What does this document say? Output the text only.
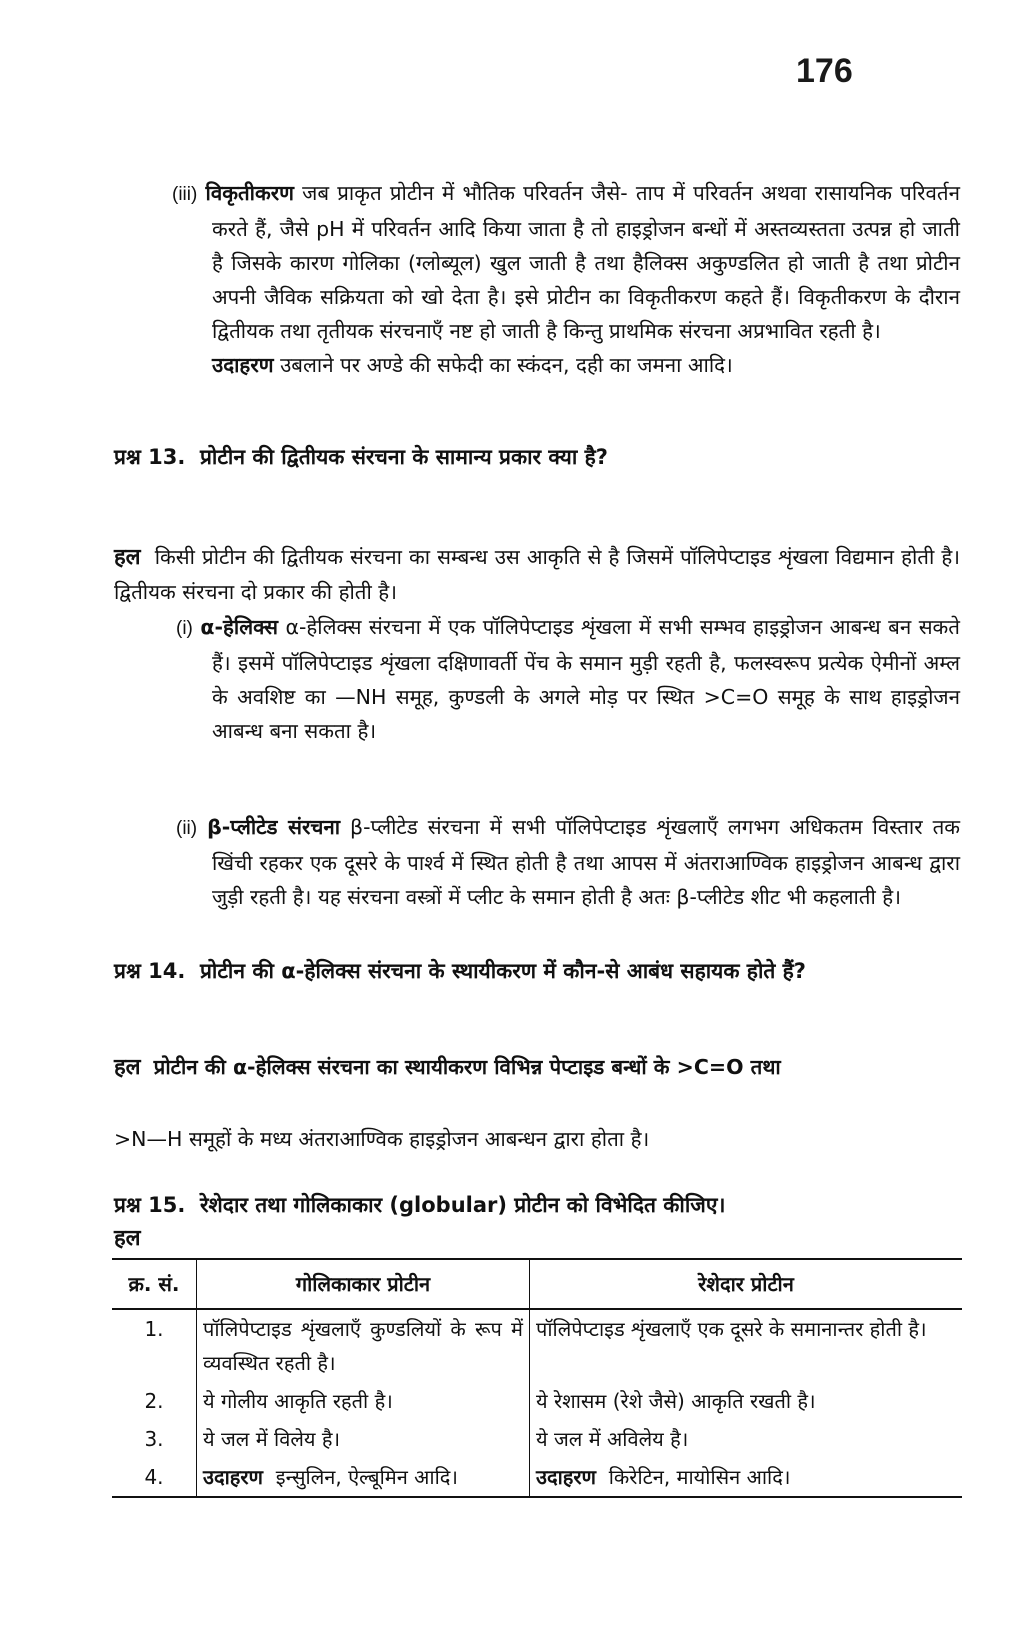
176
(iii) विकृतीकरण जब प्राकृत प्रोटीन में भौतिक परिवर्तन जैसे- ताप में परिवर्तन अथवा रासायनिक परिवर्तन करते हैं, जैसे pH में परिवर्तन आदि किया जाता है तो हाइड्रोजन बन्धों में अस्तव्यस्तता उत्पन्न हो जाती है जिसके कारण गोलिका (ग्लोब्यूल) खुल जाती है तथा हैलिक्स अकुण्डलित हो जाती है तथा प्रोटीन अपनी जैविक सक्रियता को खो देता है। इसे प्रोटीन का विकृतीकरण कहते हैं। विकृतीकरण के दौरान द्वितीयक तथा तृतीयक संरचनाएँ नष्ट हो जाती है किन्तु प्राथमिक संरचना अप्रभावित रहती है।
उदाहरण उबलाने पर अण्डे की सफेदी का स्कंदन, दही का जमना आदि।
प्रश्न 13. प्रोटीन की द्वितीयक संरचना के सामान्य प्रकार क्या है?
हल किसी प्रोटीन की द्वितीयक संरचना का सम्बन्ध उस आकृति से है जिसमें पॉलिपेप्टाइड शृंखला विद्यमान होती है। द्वितीयक संरचना दो प्रकार की होती है।
(i) α-हेलिक्स α-हेलिक्स संरचना में एक पॉलिपेप्टाइड शृंखला में सभी सम्भव हाइड्रोजन आबन्ध बन सकते हैं। इसमें पॉलिपेप्टाइड शृंखला दक्षिणावर्ती पेंच के समान मुड़ी रहती है, फलस्वरूप प्रत्येक ऐमीनों अम्ल के अवशिष्ट का —NH समूह, कुण्डली के अगले मोड़ पर स्थित >C=O समूह के साथ हाइड्रोजन आबन्ध बना सकता है।
(ii) β-प्लीटेड संरचना β-प्लीटेड संरचना में सभी पॉलिपेप्टाइड शृंखलाएँ लगभग अधिकतम विस्तार तक खिंची रहकर एक दूसरे के पार्श्व में स्थित होती है तथा आपस में अंतराआण्विक हाइड्रोजन आबन्ध द्वारा जुड़ी रहती है। यह संरचना वस्त्रों में प्लीट के समान होती है अतः β-प्लीटेड शीट भी कहलाती है।
प्रश्न 14. प्रोटीन की α-हेलिक्स संरचना के स्थायीकरण में कौन-से आबंध सहायक होते हैं?
हल प्रोटीन की α-हेलिक्स संरचना का स्थायीकरण विभिन्न पेप्टाइड बन्धों के >C=O तथा
>N—H समूहों के मध्य अंतराआण्विक हाइड्रोजन आबन्धन द्वारा होता है।
प्रश्न 15. रेशेदार तथा गोलिकाकार (globular) प्रोटीन को विभेदित कीजिए।
हल
क्र. सं.	गोलिकाकार प्रोटीन	रेशेदार प्रोटीन
1.	पॉलिपेप्टाइड शृंखलाएँ कुण्डलियों के रूप में व्यवस्थित रहती है।	पॉलिपेप्टाइड शृंखलाएँ एक दूसरे के समानान्तर होती है।
2.	ये गोलीय आकृति रहती है।	ये रेशासम (रेशे जैसे) आकृति रखती है।
3.	ये जल में विलेय है।	ये जल में अविलेय है।
4.	उदाहरण इन्सुलिन, ऐल्बूमिन आदि।	उदाहरण किरेटिन, मायोसिन आदि।
